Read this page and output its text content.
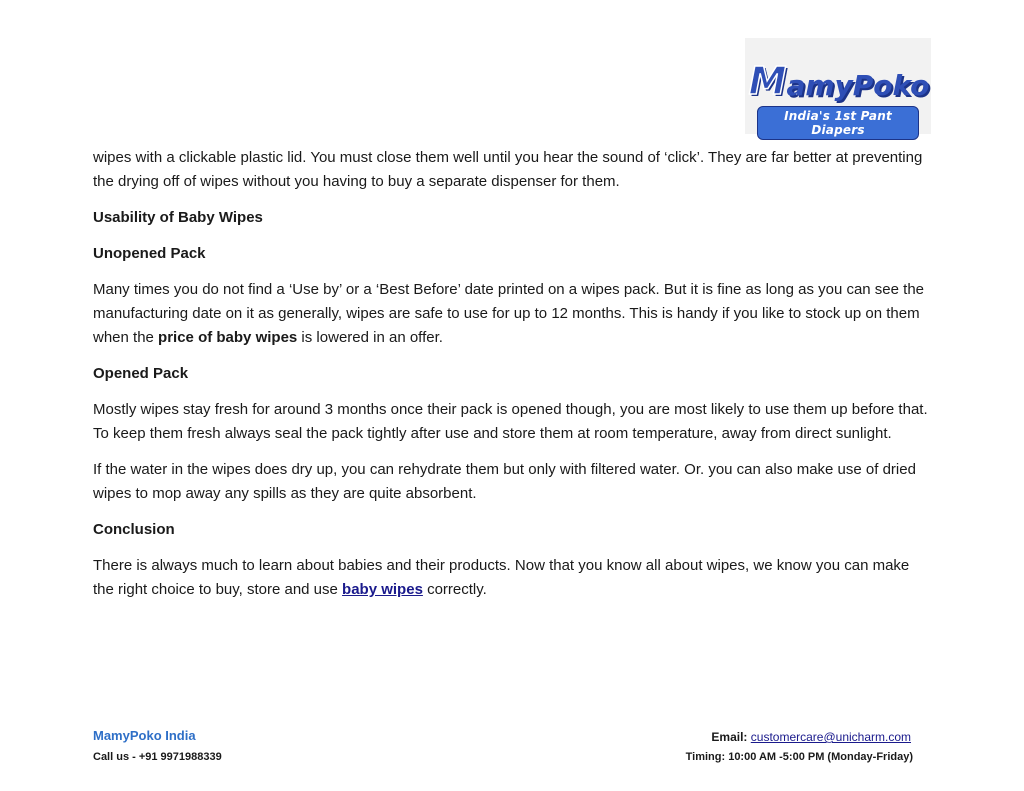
M amyPoko
India's 1st Pant Diapers

wipes with a clickable plastic lid. You must close them well until you hear the sound of ‘click’. They are far better at preventing the drying off of wipes without you having to buy a separate dispenser for them.

Usability of Baby Wipes
Unopened Pack

Many times you do not find a ‘Use by’ or a ‘Best Before’ date printed on a wipes pack. But it is fine as long as you can see the manufacturing date on it as generally, wipes are safe to use for up to 12 months. This is handy if you like to stock up on them when the price of baby wipes is lowered in an offer.

Opened Pack

Mostly wipes stay fresh for around 3 months once their pack is opened though, you are most likely to use them up before that. To keep them fresh always seal the pack tightly after use and store them at room temperature, away from direct sunlight.

If the water in the wipes does dry up, you can rehydrate them but only with filtered water. Or. you can also make use of dried wipes to mop away any spills as they are quite absorbent.

Conclusion

There is always much to learn about babies and their products. Now that you know all about wipes, we know you can make the right choice to buy, store and use baby wipes correctly.

MamyPoko India
Call us - +91 9971988339
Email: customercare@unicharm.com
Timing: 10:00 AM -5:00 PM (Monday-Friday)
